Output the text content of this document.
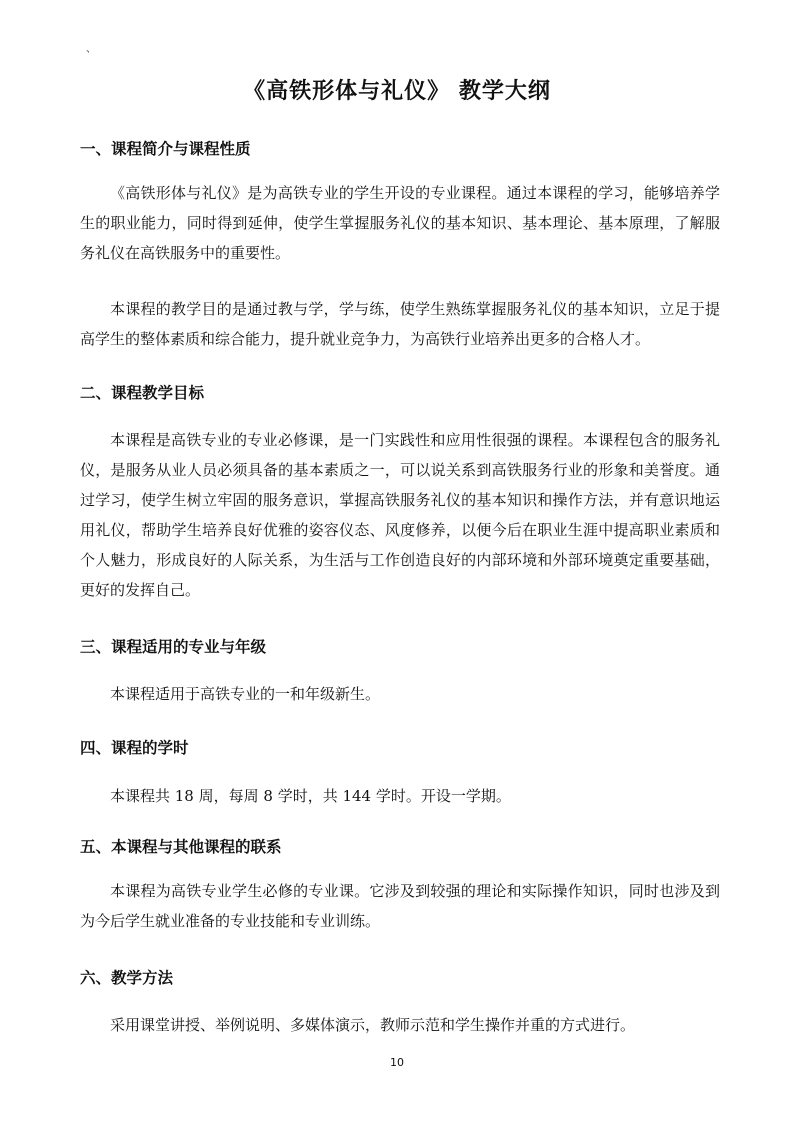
、
《高铁形体与礼仪》 教学大纲
一、课程简介与课程性质
《高铁形体与礼仪》是为高铁专业的学生开设的专业课程。通过本课程的学习，能够培养学生的职业能力，同时得到延伸，使学生掌握服务礼仪的基本知识、基本理论、基本原理，了解服务礼仪在高铁服务中的重要性。
本课程的教学目的是通过教与学，学与练，使学生熟练掌握服务礼仪的基本知识，立足于提高学生的整体素质和综合能力，提升就业竞争力，为高铁行业培养出更多的合格人才。
二、课程教学目标
本课程是高铁专业的专业必修课，是一门实践性和应用性很强的课程。本课程包含的服务礼仪，是服务从业人员必须具备的基本素质之一，可以说关系到高铁服务行业的形象和美誉度。通过学习，使学生树立牢固的服务意识，掌握高铁服务礼仪的基本知识和操作方法，并有意识地运用礼仪，帮助学生培养良好优雅的姿容仪态、风度修养，以便今后在职业生涯中提高职业素质和个人魅力，形成良好的人际关系，为生活与工作创造良好的内部环境和外部环境奠定重要基础，更好的发挥自己。
三、课程适用的专业与年级
本课程适用于高铁专业的一和年级新生。
四、课程的学时
本课程共 18 周，每周 8 学时，共 144 学时。开设一学期。
五、本课程与其他课程的联系
本课程为高铁专业学生必修的专业课。它涉及到较强的理论和实际操作知识，同时也涉及到为今后学生就业准备的专业技能和专业训练。
六、教学方法
采用课堂讲授、举例说明、多媒体演示，教师示范和学生操作并重的方式进行。
10
